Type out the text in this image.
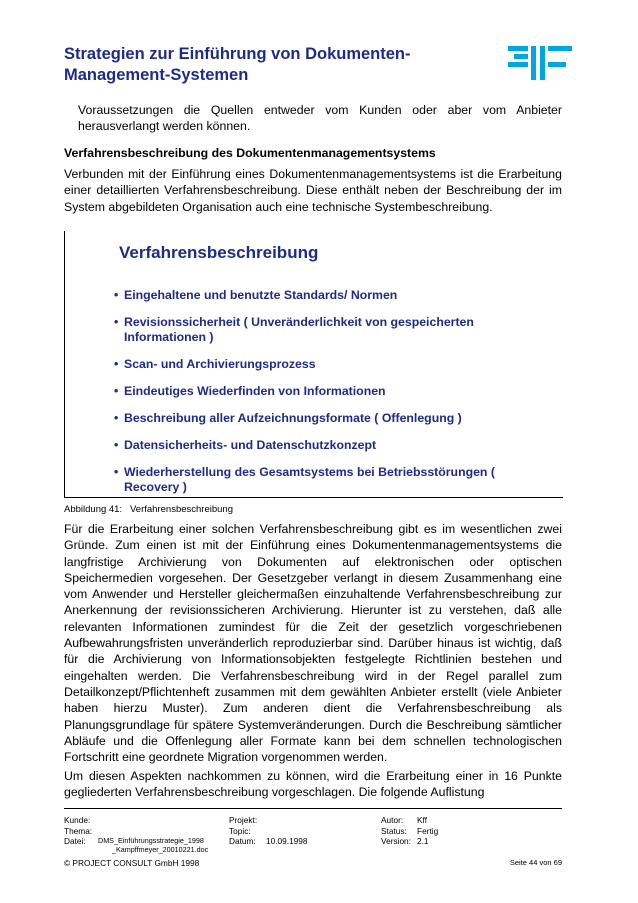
Strategien zur Einführung von Dokumenten-
Management-Systemen
Voraussetzungen die Quellen entweder vom Kunden oder aber vom Anbieter herausverlangt werden können.
Verfahrensbeschreibung des Dokumentenmanagementsystems
Verbunden mit der Einführung eines Dokumentenmanagementsystems ist die Erarbeitung einer detaillierten Verfahrensbeschreibung. Diese enthält neben der Beschreibung der im System abgebildeten Organisation auch eine technische Systembeschreibung.
Verfahrensbeschreibung
• Eingehaltene und benutzte Standards/ Normen
• Revisionssicherheit ( Unveränderlichkeit von gespeicherten Informationen )
• Scan- und Archivierungsprozess
• Eindeutiges Wiederfinden von Informationen
• Beschreibung aller Aufzeichnungsformate ( Offenlegung )
• Datensicherheits- und Datenschutzkonzept
• Wiederherstellung des Gesamtsystems bei Betriebsstörungen ( Recovery )
Abbildung 41: Verfahrensbeschreibung
Für die Erarbeitung einer solchen Verfahrensbeschreibung gibt es im wesentlichen zwei Gründe. Zum einen ist mit der Einführung eines Dokumentenmanagementsystems die langfristige Archivierung von Dokumenten auf elektronischen oder optischen Speichermedien vorgesehen. Der Gesetzgeber verlangt in diesem Zusammenhang eine vom Anwender und Hersteller gleichermaßen einzuhaltende Verfahrensbeschreibung zur Anerkennung der revisionssicheren Archivierung. Hierunter ist zu verstehen, daß alle relevanten Informationen zumindest für die Zeit der gesetzlich vorgeschriebenen Aufbewahrungsfristen unveränderlich reproduzierbar sind. Darüber hinaus ist wichtig, daß für die Archivierung von Informationsobjekten festgelegte Richtlinien bestehen und eingehalten werden. Die Verfahrensbeschreibung wird in der Regel parallel zum Detailkonzept/Pflichtenheft zusammen mit dem gewählten Anbieter erstellt (viele Anbieter haben hierzu Muster). Zum anderen dient die Verfahrensbeschreibung als Planungsgrundlage für spätere Systemveränderungen. Durch die Beschreibung sämtlicher Abläufe und die Offenlegung aller Formate kann bei dem schnellen technologischen Fortschritt eine geordnete Migration vorgenommen werden.
Um diesen Aspekten nachkommen zu können, wird die Erarbeitung einer in 16 Punkte gegliederten Verfahrensbeschreibung vorgeschlagen. Die folgende Auflistung
Kunde:
Thema:
Datei:	DMS_Einführungsstrategie_1998
_Kampffmeyer_20010221.doc
Projekt:
Topic:
Datum: 10.09.1998
Autor:
Status:
Version:
Kff
Fertig
2.1
© PROJECT CONSULT GmbH 1998	Seite 44 von 69
